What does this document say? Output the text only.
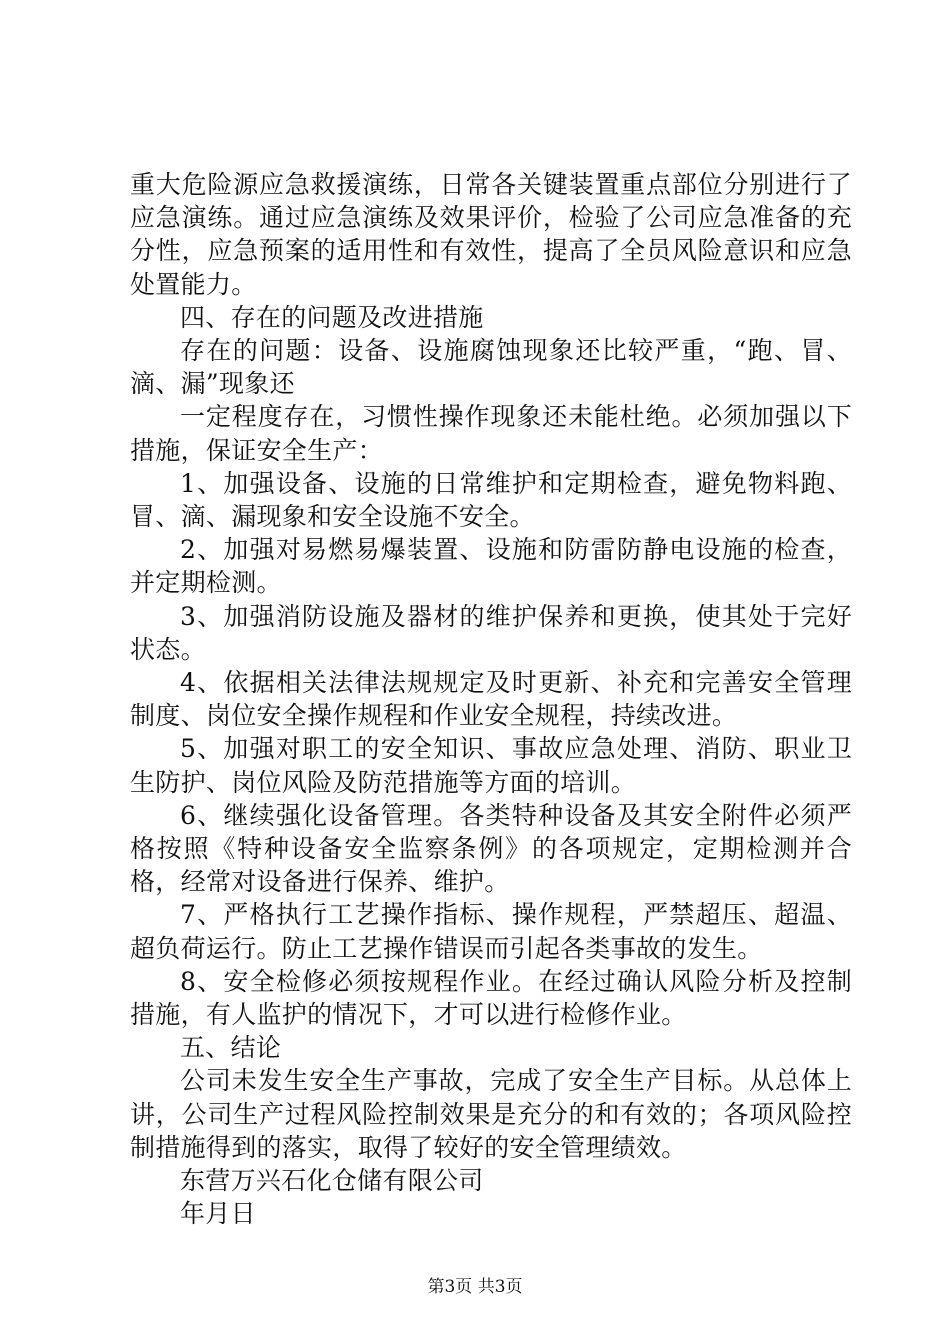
重大危险源应急救援演练，日常各关键装置重点部位分别进行了应急演练。通过应急演练及效果评价，检验了公司应急准备的充分性，应急预案的适用性和有效性，提高了全员风险意识和应急处置能力。

四、存在的问题及改进措施

存在的问题：设备、设施腐蚀现象还比较严重，“跑、冒、滴、漏”现象还

一定程度存在，习惯性操作现象还未能杜绝。必须加强以下措施，保证安全生产：

1、加强设备、设施的日常维护和定期检查，避免物料跑、冒、滴、漏现象和安全设施不安全。

2、加强对易燃易爆装置、设施和防雷防静电设施的检查，并定期检测。

3、加强消防设施及器材的维护保养和更换，使其处于完好状态。

4、依据相关法律法规规定及时更新、补充和完善安全管理制度、岗位安全操作规程和作业安全规程，持续改进。

5、加强对职工的安全知识、事故应急处理、消防、职业卫生防护、岗位风险及防范措施等方面的培训。

6、继续强化设备管理。各类特种设备及其安全附件必须严格按照《特种设备安全监察条例》的各项规定，定期检测并合格，经常对设备进行保养、维护。

7、严格执行工艺操作指标、操作规程，严禁超压、超温、超负荷运行。防止工艺操作错误而引起各类事故的发生。

8、安全检修必须按规程作业。在经过确认风险分析及控制措施，有人监护的情况下，才可以进行检修作业。

五、结论

公司未发生安全生产事故，完成了安全生产目标。从总体上讲，公司生产过程风险控制效果是充分的和有效的；各项风险控制措施得到的落实，取得了较好的安全管理绩效。

东营万兴石化仓储有限公司

年月日

第3页 共3页
